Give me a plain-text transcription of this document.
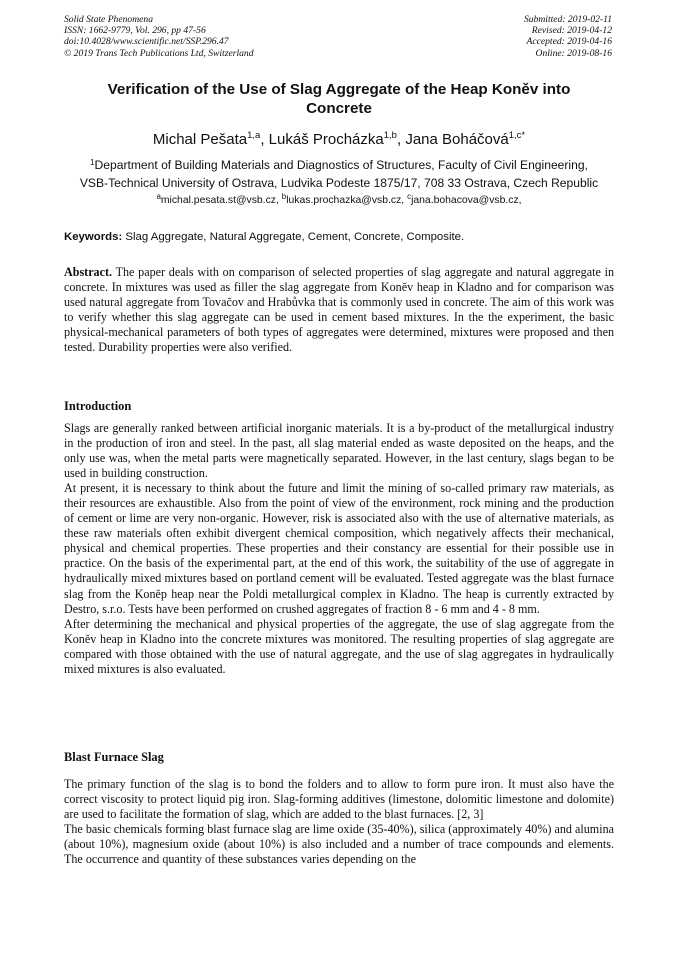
Solid State Phenomena
ISSN: 1662-9779, Vol. 296, pp 47-56
doi:10.4028/www.scientific.net/SSP.296.47
© 2019 Trans Tech Publications Ltd, Switzerland
Submitted: 2019-02-11
Revised: 2019-04-12
Accepted: 2019-04-16
Online: 2019-08-16
Verification of the Use of Slag Aggregate of the Heap Koněv into
Concrete
Michal Pešata$^{1,a}$, Lukáš Procházka$^{1,b}$, Jana Boháčová$^{1,c*}$
$^1$Department of Building Materials and Diagnostics of Structures, Faculty of Civil Engineering,
VSB-Technical University of Ostrava, Ludvika Podeste 1875/17, 708 33 Ostrava, Czech Republic
$^a$michal.pesata.st@vsb.cz, $^b$lukas.prochazka@vsb.cz, $^c$jana.bohacova@vsb.cz,
Keywords: Slag Aggregate, Natural Aggregate, Cement, Concrete, Composite.

Abstract. The paper deals with on comparison of selected properties of slag aggregate and natural aggregate in concrete. In mixtures was used as filler the slag aggregate from Koněv heap in Kladno and for comparison was used natural aggregate from Tovačov and Hrabůvka that is commonly used in concrete. The aim of this work was to verify whether this slag aggregate can be used in cement based mixtures. In the the experiment, the basic physical-mechanical parameters of both types of aggregates were determined, mixtures were proposed and then tested. Durability properties were also verified.

Introduction

Slags are generally ranked between artificial inorganic materials. It is a by-product of the metallurgical industry in the production of iron and steel. In the past, all slag material ended as waste deposited on the heaps, and the only use was, when the metal parts were magnetically separated. However, in the last century, slags began to be used in building construction.

At present, it is necessary to think about the future and limit the mining of so-called primary raw materials, as their resources are exhaustible. Also from the point of view of the environment, rock mining and the production of cement or lime are very non-organic. However, risk is associated also with the use of alternative materials, as these raw materials often exhibit divergent chemical composition, which negatively affects their mechanical, physical and chemical properties. These properties and their constancy are essential for their possible use in practice. On the basis of the experimental part, at the end of this work, the suitability of the use of aggregate in hydraulically mixed mixtures based on portland cement will be evaluated. Tested aggregate was the blast furnace slag from the Koněp heap near the Poldi metallurgical complex in Kladno. The heap is currently extracted by Destro, s.r.o. Tests have been performed on crushed aggregates of fraction 8 - 6 mm and 4 - 8 mm.

After determining the mechanical and physical properties of the aggregate, the use of slag aggregate from the Koněv heap in Kladno into the concrete mixtures was monitored. The resulting properties of slag aggregate are compared with those obtained with the use of natural aggregate, and the use of slag aggregates in hydraulically mixed mixtures is also evaluated.

Blast Furnace Slag

The primary function of the slag is to bond the folders and to allow to form pure iron. It must also have the correct viscosity to protect liquid pig iron. Slag-forming additives (limestone, dolomitic limestone and dolomite) are used to facilitate the formation of slag, which are added to the blast furnaces. [2, 3]

The basic chemicals forming blast furnace slag are lime oxide (35-40%), silica (approximately 40%) and alumina (about 10%), magnesium oxide (about 10%) is also included and a number of trace compounds and elements. The occurrence and quantity of these substances varies depending on the
